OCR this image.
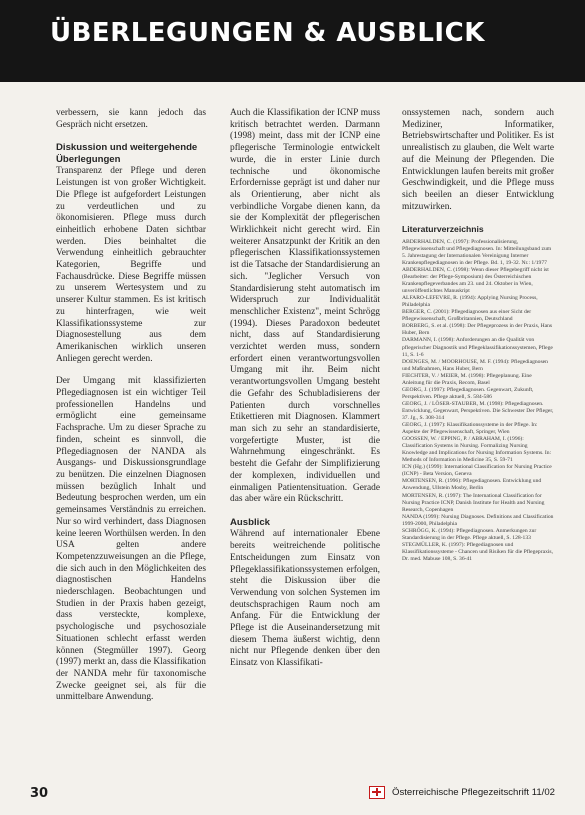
ÜBERLEGUNGEN & AUSBLICK

verbessern, sie kann jedoch das Gespräch nicht ersetzen.

Diskussion und weitergehende Überlegungen

Transparenz der Pflege und deren Leistungen ist von großer Wichtigkeit. Die Pflege ist aufgefordert Leistungen zu verdeutlichen und zu ökonomisieren. Pflege muss durch einheitlich erhobene Daten sichtbar werden. Dies beinhaltet die Verwendung einheitlich gebrauchter Kategorien, Begriffe und Fachausdrücke. Diese Begriffe müssen zu unserem Wertesystem und zu unserer Kultur stammen. Es ist kritisch zu hinterfragen, wie weit Klassifikationssysteme zur Diagnosestellung aus dem Amerikanischen wirklich unseren Anliegen gerecht werden.

Der Umgang mit klassifizierten Pflegediagnosen ist ein wichtiger Teil professionellen Handelns und ermöglicht eine gemeinsame Fachsprache. Um zu dieser Sprache zu finden, scheint es sinnvoll, die Pflegediagnosen der NANDA als Ausgangs- und Diskussionsgrundlage zu benützen. Die einzelnen Diagnosen müssen bezüglich Inhalt und Bedeutung besprochen werden, um ein gemeinsames Verständnis zu erreichen. Nur so wird verhindert, dass Diagnosen keine leeren Worthülsen werden. In den USA gelten andere Kompetenzzuweisungen an die Pflege, die sich auch in den Möglichkeiten des diagnostischen Handelns niederschlagen. Beobachtungen und Studien in der Praxis haben gezeigt, dass versteckte, komplexe, psychologische und psychosoziale Situationen schlecht erfasst werden können (Stegmüller 1997). Georg (1997) merkt an, dass die Klassifikation der NANDA mehr für taxonomische Zwecke geeignet sei, als für die unmittelbare Anwendung.

Auch die Klassifikation der ICNP muss kritisch betrachtet werden. Darmann (1998) meint, dass mit der ICNP eine pflegerische Terminologie entwickelt wurde, die in erster Linie durch technische und ökonomische Erfordernisse geprägt ist und daher nur als Orientierung, aber nicht als verbindliche Vorgabe dienen kann, da sie der Komplexität der pflegerischen Wirklichkeit nicht gerecht wird. Ein weiterer Ansatzpunkt der Kritik an den pflegerischen Klassifikationssystemen ist die Tatsache der Standardisierung an sich. "Jeglicher Versuch von Standardisierung steht automatisch im Widerspruch zur Individualität menschlicher Existenz", meint Schrögg (1994). Dieses Paradoxon bedeutet nicht, dass auf Standardisierung verzichtet werden muss, sondern erfordert einen verantwortungsvollen Umgang mit ihr. Beim nicht verantwortungsvollen Umgang besteht die Gefahr des Schubladisierens der Patienten durch vorschnelles Etikettieren mit Diagnosen. Klammert man sich zu sehr an standardisierte, vorgefertigte Muster, ist die Wahrnehmung eingeschränkt. Es besteht die Gefahr der Simplifizierung der komplexen, individuellen und einmaligen Patientensituation. Gerade das aber wäre ein Rückschritt.

Ausblick

Während auf internationaler Ebene bereits weitreichende politische Entscheidungen zum Einsatz von Pflegeklassifikationssystemen erfolgen, steht die Diskussion über die Verwendung von solchen Systemen im deutschsprachigen Raum noch am Anfang. Für die Entwicklung der Pflege ist die Auseinandersetzung mit diesem Thema äußerst wichtig, denn nicht nur Pflegende denken über den Einsatz von Klassifikati-

onssystemen nach, sondern auch Mediziner, Informatiker, Betriebswirtschafter und Politiker. Es ist unrealistisch zu glauben, die Welt warte auf die Meinung der Pflegenden. Die Entwicklungen laufen bereits mit großer Geschwindigkeit, und die Pflege muss sich beeilen an dieser Entwicklung mitzuwirken.

Literaturverzeichnis
ABDERHALDEN, C. (1997): Professionalisierung, Pflegewissenschaft und Pflegediagnosen. In: Mitteilungsband zum 5. Jahrestagung der Internationalen Vereinigung Interner Krankenpflegediagnosen in der Pflege. Bd. 1, 19-32. Nr.: 1/1977
ABDERHALDEN, C. (1998): Wenn dieser Pflegebegriff nicht ist (Bearbeiter: der Pflege-Symposium) des Österreichischen Krankenpflegeverbandes am 23. und 24. Oktober in Wien, unveröffentlichtes Manuskript
ALFARO-LEFEVRE, R. (1994): Applying Nursing Process, Philadelphia
BERGER, C. (2001): Pflegediagnosen aus einer Sicht der Pflegewissenschaft, Großbritannien, Deutschland
BORBERG, S. et al. (1998): Der Pflegeprozess in der Praxis, Hans Huber, Bern
DARMANN, I. (1998): Anforderungen an die Qualität von pflegerischer Diagnostik und Pflegeklassifikationssystemen, Pflege 11, S. 1-6
DOENGES, M. / MOORHOUSE, M. F. (1994): Pflegediagnosen und Maßnahmen, Hans Huber, Bern
FIECHTER, V. / MEIER, M. (1998): Pflegeplanung. Eine Anleitung für die Praxis, Recom, Basel
GEORG, J. (1997): Pflegediagnosen. Gegenwart, Zukunft, Perspektiven. Pflege aktuell, S. 584-586
GEORG, J. / LÖSER-STAUBER, M. (1998): Pflegediagnosen. Entwicklung, Gegenwart, Perspektiven. Die Schwester Der Pfleger, 37. Jg., S. 308-314
GEORG, J. (1997): Klassifikationssysteme in der Pflege. In: Aspekte der Pflegewissenschaft, Springer, Wien
GOOSSEN, W. / EPPING, P. / ABRAHAM, I. (1996): Classification Systems in Nursing. Formalizing Nursing Knowledge and Implications for Nursing Information Systems. In: Methods of Information in Medicine 35, S. 59-71
ICN (Hg.) (1999): International Classification for Nursing Practice (ICNP) - Beta Version, Geneva
MORTENSEN, R. (1996): Pflegediagnosen. Entwicklung und Anwendung, Ullstein Mosby, Berlin
MORTENSEN, R. (1997): The International Classification for Nursing Practice ICNP, Danish Institute for Health and Nursing Research, Copenhagen
NANDA (1999): Nursing Diagnoses. Definitions and Classification 1999-2000, Philadelphia
SCHRÖGG, K. (1994): Pflegediagnosen. Anmerkungen zur Standardisierung in der Pflege. Pflege aktuell, S. 128-133
STEGMÜLLER, K. (1997): Pflegediagnosen und Klassifikationssysteme - Chancen und Risiken für die Pflegepraxis, Dr. med. Mabuse 108, S. 36-41
30	Österreichische Pflegezeitschrift 11/02
